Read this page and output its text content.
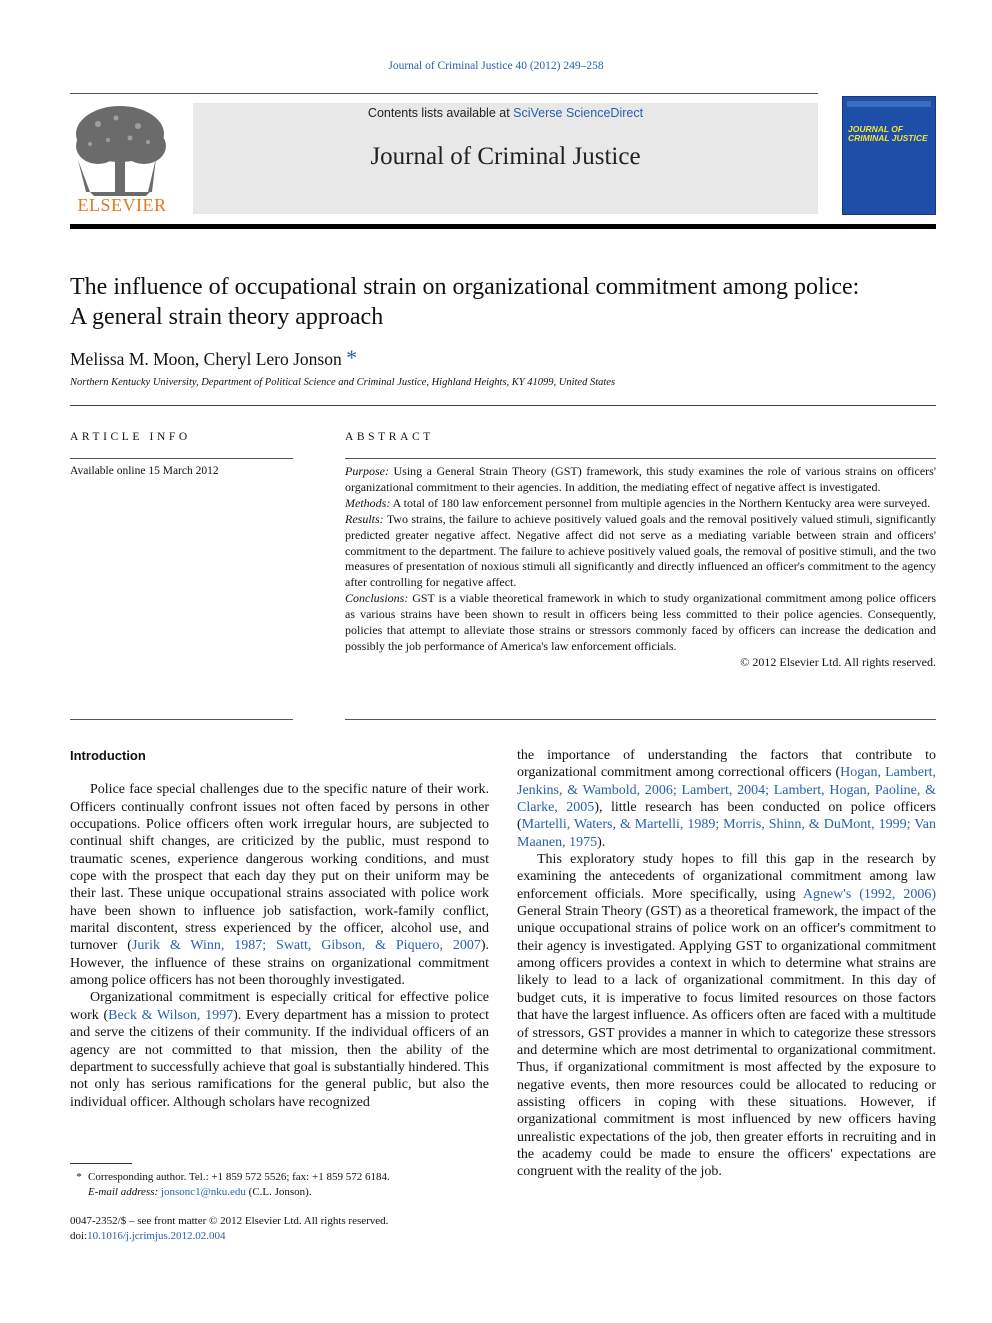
Journal of Criminal Justice 40 (2012) 249–258
ELSEVIER
Contents lists available at SciVerse ScienceDirect
Journal of Criminal Justice
JOURNAL OF CRIMINAL JUSTICE
The influence of occupational strain on organizational commitment among police:
A general strain theory approach
Melissa M. Moon, Cheryl Lero Jonson *
Northern Kentucky University, Department of Political Science and Criminal Justice, Highland Heights, KY 41099, United States
ARTICLE INFO	ABSTRACT
Available online 15 March 2012	Purpose: Using a General Strain Theory (GST) framework, this study examines the role of various strains on officers' organizational commitment to their agencies. In addition, the mediating effect of negative affect is investigated.

Methods: A total of 180 law enforcement personnel from multiple agencies in the Northern Kentucky area were surveyed.

Results: Two strains, the failure to achieve positively valued goals and the removal positively valued stimuli, significantly predicted greater negative affect. Negative affect did not serve as a mediating variable between strain and officers' commitment to the department. The failure to achieve positively valued goals, the removal of positive stimuli, and the two measures of presentation of noxious stimuli all significantly and directly influenced an officer's commitment to the agency after controlling for negative affect.

Conclusions: GST is a viable theoretical framework in which to study organizational commitment among police officers as various strains have been shown to result in officers being less committed to their police agencies. Consequently, policies that attempt to alleviate those strains or stressors commonly faced by officers can increase the dedication and possibly the job performance of America's law enforcement officials.

© 2012 Elsevier Ltd. All rights reserved.

Introduction

Police face special challenges due to the specific nature of their work. Officers continually confront issues not often faced by persons in other occupations. Police officers often work irregular hours, are subjected to continual shift changes, are criticized by the public, must respond to traumatic scenes, experience dangerous working conditions, and must cope with the prospect that each day they put on their uniform may be their last. These unique occupational strains associated with police work have been shown to influence job satisfaction, work-family conflict, marital discontent, stress experienced by the officer, alcohol use, and turnover (Jurik & Winn, 1987; Swatt, Gibson, & Piquero, 2007). However, the influence of these strains on organizational commitment among police officers has not been thoroughly investigated.

Organizational commitment is especially critical for effective police work (Beck & Wilson, 1997). Every department has a mission to protect and serve the citizens of their community. If the individual officers of an agency are not committed to that mission, then the ability of the department to successfully achieve that goal is substantially hindered. This not only has serious ramifications for the general public, but also the individual officer. Although scholars have recognized

the importance of understanding the factors that contribute to organizational commitment among correctional officers (Hogan, Lambert, Jenkins, & Wambold, 2006; Lambert, 2004; Lambert, Hogan, Paoline, & Clarke, 2005), little research has been conducted on police officers (Martelli, Waters, & Martelli, 1989; Morris, Shinn, & DuMont, 1999; Van Maanen, 1975).

This exploratory study hopes to fill this gap in the research by examining the antecedents of organizational commitment among law enforcement officials. More specifically, using Agnew's (1992, 2006) General Strain Theory (GST) as a theoretical framework, the impact of the unique occupational strains of police work on an officer's commitment to their agency is investigated. Applying GST to organizational commitment among officers provides a context in which to determine what strains are likely to lead to a lack of organizational commitment. In this day of budget cuts, it is imperative to focus limited resources on those factors that have the largest influence. As officers often are faced with a multitude of stressors, GST provides a manner in which to categorize these stressors and determine which are most detrimental to organizational commitment. Thus, if organizational commitment is most affected by the exposure to negative events, then more resources could be allocated to reducing or assisting officers in coping with these situations. However, if organizational commitment is most influenced by new officers having unrealistic expectations of the job, then greater efforts in recruiting and in the academy could be made to ensure the officers' expectations are congruent with the reality of the job.

* Corresponding author. Tel.: +1 859 572 5526; fax: +1 859 572 6184.
E-mail address: jonsonc1@nku.edu (C.L. Jonson).
0047-2352/$ – see front matter © 2012 Elsevier Ltd. All rights reserved.
doi:10.1016/j.jcrimjus.2012.02.004
